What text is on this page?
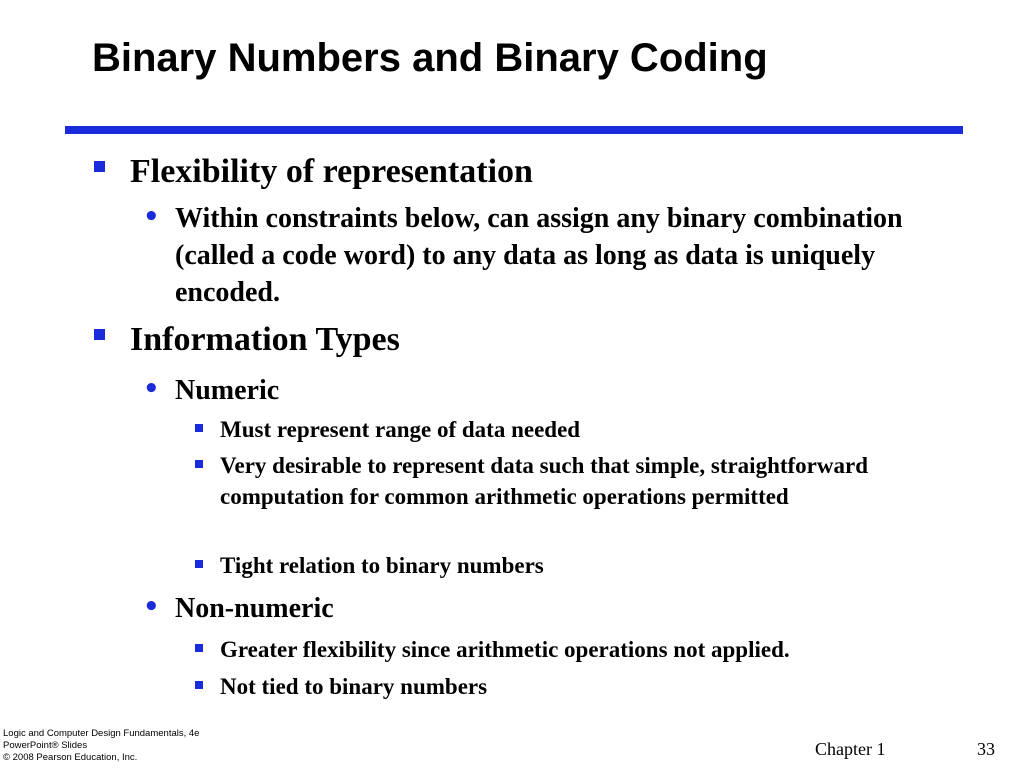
Binary Numbers and Binary Coding
Flexibility of representation
• Within constraints below, can assign any binary combination (called a code word) to any data as long as data is uniquely encoded.
Information Types
• Numeric
Must represent range of data needed
Very desirable to represent data such that simple, straightforward computation for common arithmetic operations permitted
Tight relation to binary numbers
• Non-numeric
Greater flexibility since arithmetic operations not applied.
Not tied to binary numbers
Logic and Computer Design Fundamentals, 4e
PowerPoint® Slides
© 2008 Pearson Education, Inc.	Chapter 1	33
